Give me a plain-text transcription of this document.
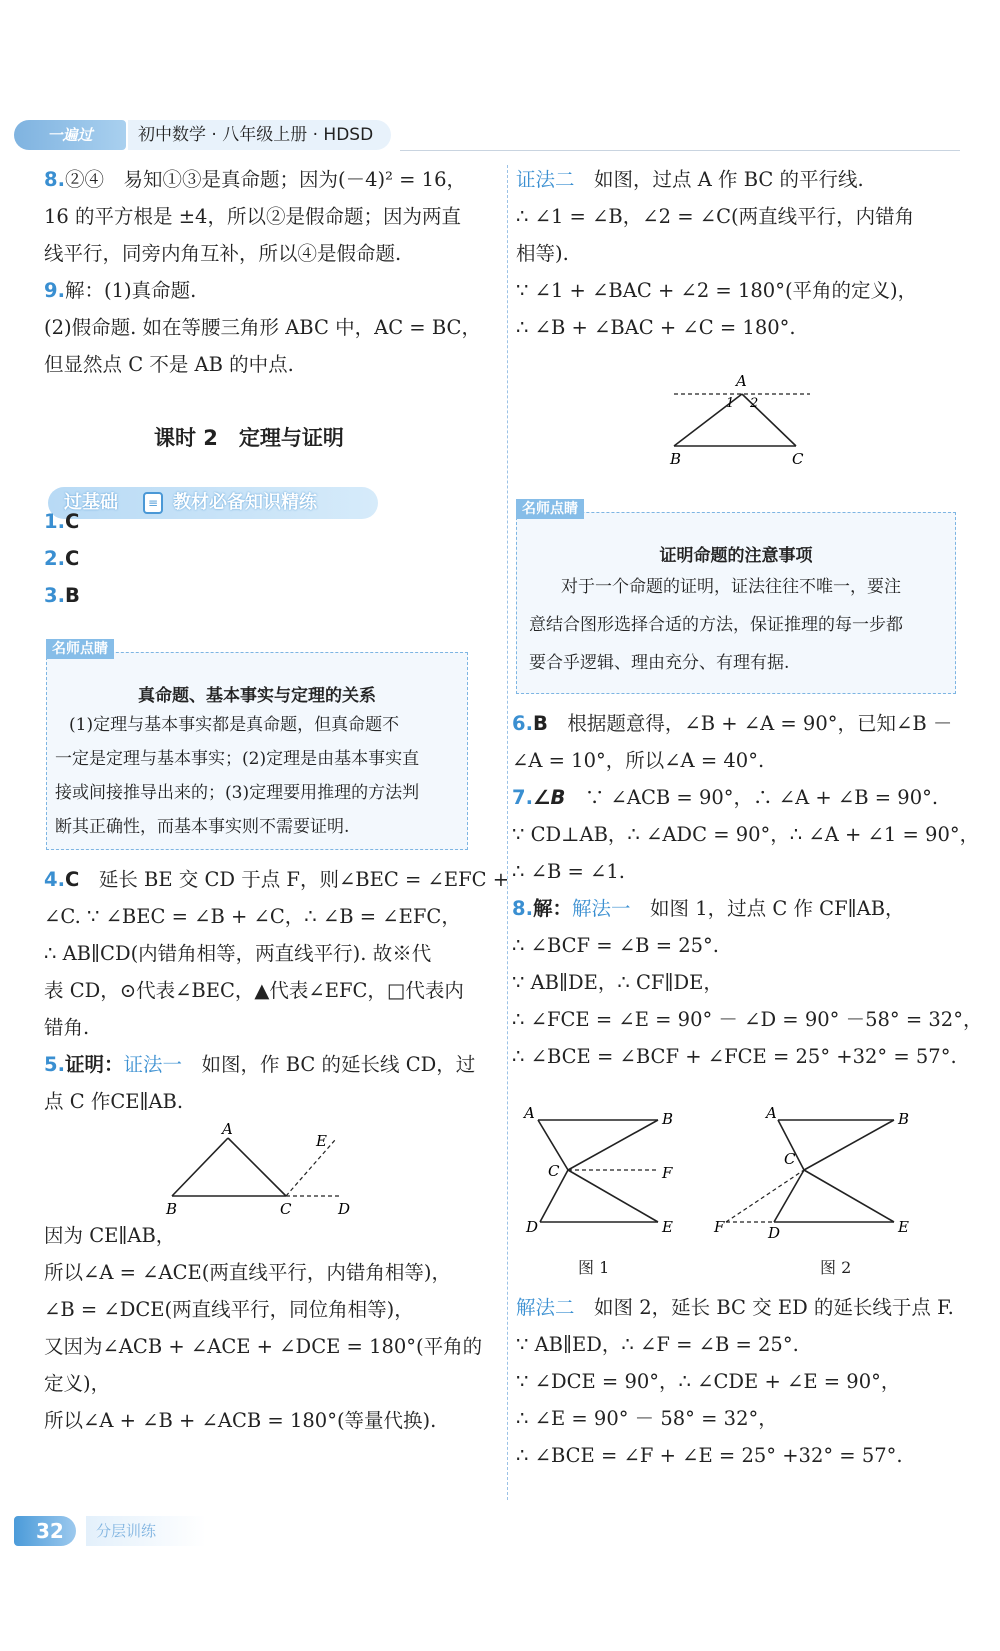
一遍过	初中数学 · 八年级上册 · HDSD
8.②④　易知①③是真命题；因为(－4)² = 16，
16 的平方根是 ±4，所以②是假命题；因为两直
线平行，同旁内角互补，所以④是假命题.
9.解：(1)真命题.
(2)假命题. 如在等腰三角形 ABC 中，AC = BC，
但显然点 C 不是 AB 的中点.
课时 2　定理与证明
过基础	≡ 教材必备知识精练
1.C
2.C
3.B
名师点睛
真命题、基本事实与定理的关系
(1)定理与基本事实都是真命题，但真命题不
一定是定理与基本事实；(2)定理是由基本事实直
接或间接推导出来的；(3)定理要用推理的方法判
断其正确性，而基本事实则不需要证明.
4.C　 延长 BE 交 CD 于点 F，则∠BEC = ∠EFC +
∠C. ∵ ∠BEC = ∠B + ∠C，∴ ∠B = ∠EFC，
∴ AB∥CD(内错角相等，两直线平行). 故※代
表 CD，⊙代表∠BEC，▲代表∠EFC，□代表内
错角.
5.证明：证法一　 如图，作 BC 的延长线 CD，过
点 C 作CE∥AB.
A
B	C	D
E
因为 CE∥AB，
所以∠A = ∠ACE(两直线平行，内错角相等)，
∠B = ∠DCE(两直线平行，同位角相等)，
又因为∠ACB + ∠ACE + ∠DCE = 180°(平角的
定义)，
所以∠A + ∠B + ∠ACB = 180°(等量代换).
证法二　 如图，过点 A 作 BC 的平行线.
∴ ∠1 = ∠B，∠2 = ∠C(两直线平行，内错角
相等).
∵ ∠1 + ∠BAC + ∠2 = 180°(平角的定义)，
∴ ∠B + ∠BAC + ∠C = 180°.
A
B	C
1 2
名师点睛
证明命题的注意事项
对于一个命题的证明，证法往往不唯一，要注
意结合图形选择合适的方法，保证推理的每一步都
要合乎逻辑、理由充分、有理有据.
6.B　 根据题意得，∠B + ∠A = 90°，已知∠B －
∠A = 10°，所以∠A = 40°.
7.∠B　 ∵ ∠ACB = 90°，∴ ∠A + ∠B = 90°.
∵ CD⊥AB，∴ ∠ADC = 90°，∴ ∠A + ∠1 = 90°，
∴ ∠B = ∠1.
8.解：解法一　 如图 1，过点 C 作 CF∥AB，
∴ ∠BCF = ∠B = 25°.
∵ AB∥DE，∴ CF∥DE，
∴ ∠FCE = ∠E = 90° － ∠D = 90° －58° = 32°，
∴ ∠BCE = ∠BCF + ∠FCE = 25° +32° = 57°.
A	B
C
D	E
F
图 1
A	B
C
D	E
F
图 2
解法二　 如图 2，延长 BC 交 ED 的延长线于点 F.
∵ AB∥ED，∴ ∠F = ∠B = 25°.
∵ ∠DCE = 90°，∴ ∠CDE + ∠E = 90°，
∴ ∠E = 90° － 58° = 32°，
∴ ∠BCE = ∠F + ∠E = 25° +32° = 57°.
32	分层训练
